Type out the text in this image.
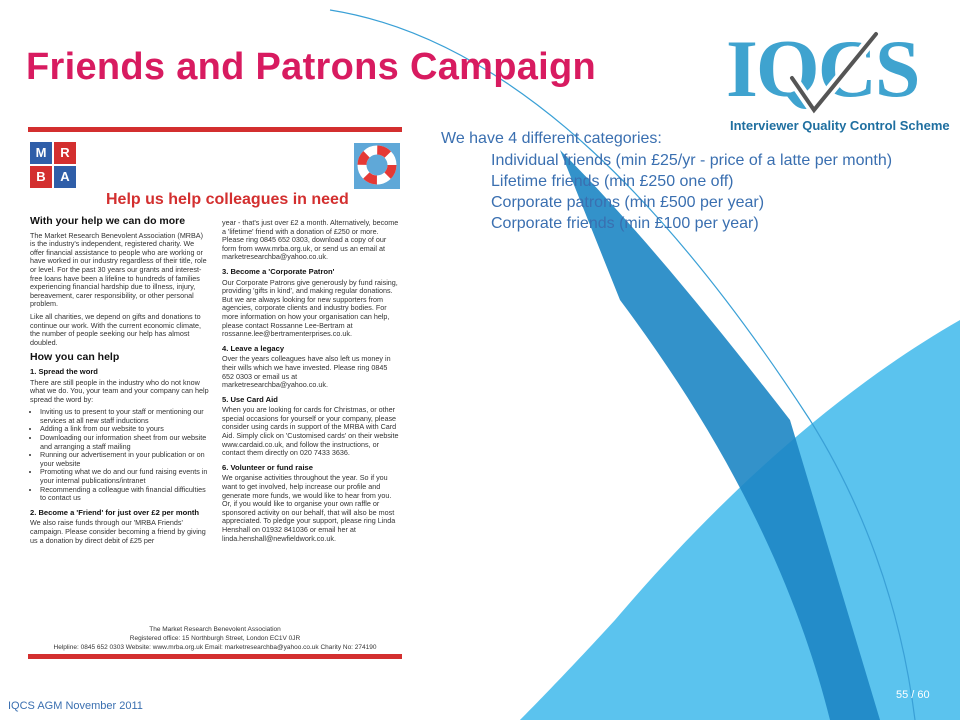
Friends and Patrons Campaign IQCS
Interviewer Quality Control Scheme
We have 4 different categories:
Individual friends (min £25/yr - price of a latte per month)
Lifetime friends (min £250 one off)
Corporate patrons (min £500 per year)
Corporate friends (min £100 per year)
M	R
B	A
Help us help colleagues in need
With your help we can do more

The Market Research Benevolent Association (MRBA) is the industry's independent, registered charity. We offer financial assistance to people who are working or have worked in our industry regardless of their title, role or level. For the past 30 years our grants and interest-free loans have been a lifeline to hundreds of families experiencing financial hardship due to illness, injury, bereavement, carer responsibility, or other personal problem.

Like all charities, we depend on gifts and donations to continue our work. With the current economic climate, the number of people seeking our help has almost doubled.

How you can help
1. Spread the word

There are still people in the industry who do not know what we do. You, your team and your company can help spread the word by:

• Inviting us to present to your staff or mentioning our services at all new staff inductions
• Adding a link from our website to yours
• Downloading our information sheet from our website and arranging a staff mailing
• Running our advertisement in your publication or on your website
• Promoting what we do and our fund raising events in your internal publications/intranet
• Recommending a colleague with financial difficulties to contact us
2. Become a 'Friend' for just over £2 per month

We also raise funds through our 'MRBA Friends' campaign. Please consider becoming a friend by giving us a donation by direct debit of £25 per

year - that's just over £2 a month. Alternatively, become a 'lifetime' friend with a donation of £250 or more. Please ring 0845 652 0303, download a copy of our form from www.mrba.org.uk, or send us an email at marketresearchba@yahoo.co.uk.

3. Become a 'Corporate Patron'

Our Corporate Patrons give generously by fund raising, providing 'gifts in kind', and making regular donations. But we are always looking for new supporters from agencies, corporate clients and industry bodies. For more information on how your organisation can help, please contact Rossanne Lee-Bertram at rossanne.lee@bertramenterprises.co.uk.

4. Leave a legacy

Over the years colleagues have also left us money in their wills which we have invested. Please ring 0845 652 0303 or email us at marketresearchba@yahoo.co.uk.

5. Use Card Aid

When you are looking for cards for Christmas, or other special occasions for yourself or your company, please consider using cards in support of the MRBA with Card Aid. Simply click on 'Customised cards' on their website www.cardaid.co.uk, and follow the instructions, or contact them directly on 020 7433 3636.

6. Volunteer or fund raise

We organise activities throughout the year. So if you want to get involved, help increase our profile and generate more funds, we would like to hear from you. Or, if you would like to organise your own raffle or sponsored activity on our behalf, that will also be most appreciated. To pledge your support, please ring Linda Henshall on 01932 841036 or email her at linda.henshall@newfieldwork.co.uk.

The Market Research Benevolent Association
Registered office: 15 Northburgh Street, London EC1V 0JR
Helpline: 0845 652 0303 Website: www.mrba.org.uk Email: marketresearchba@yahoo.co.uk Charity No: 274190
IQCS AGM November 2011
55 / 60
